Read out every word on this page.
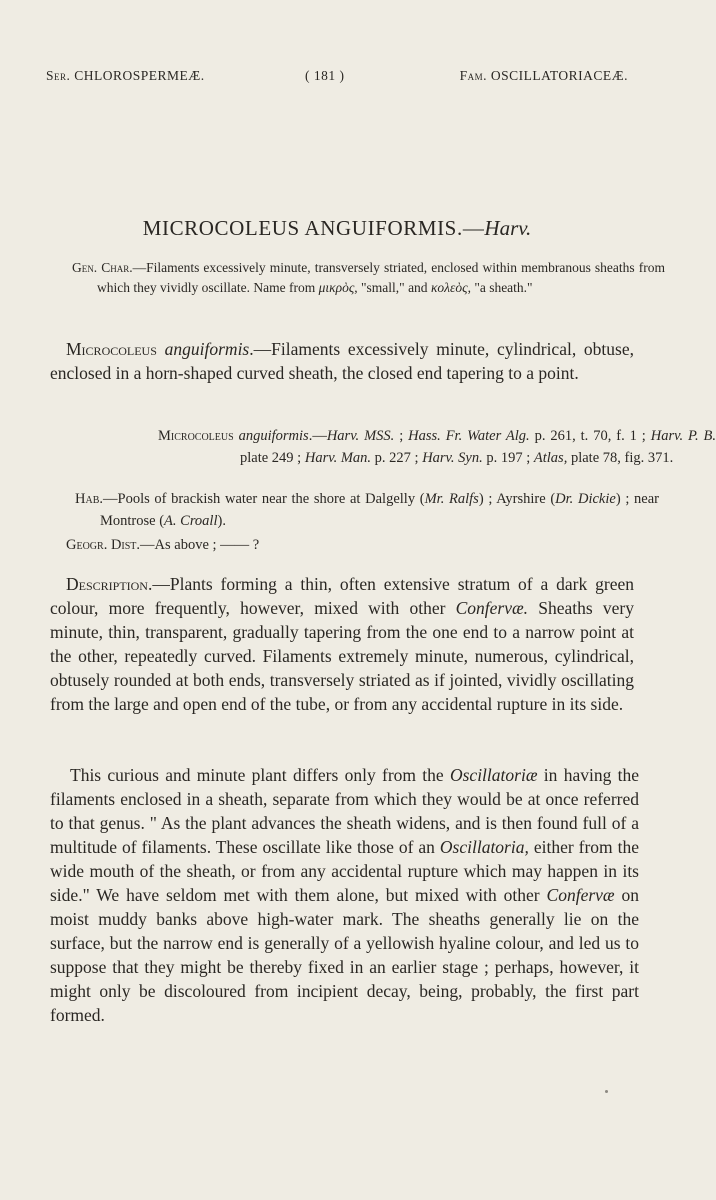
Ser. CHLOROSPERMEÆ.	( 181 )	Fam. OSCILLATORIACEÆ.
MICROCOLEUS ANGUIFORMIS.—Harv.
Gen. Char.—Filaments excessively minute, transversely striated, enclosed within membranous sheaths from which they vividly oscillate. Name from μικρὸς, "small," and κολεὸς, "a sheath."
Microcoleus anguiformis.—Filaments excessively minute, cylindrical, obtuse, enclosed in a horn-shaped curved sheath, the closed end tapering to a point.
Microcoleus anguiformis.—Harv. MSS. ; Hass. Fr. Water Alg. p. 261, t. 70, f. 1 ; Harv. P. B. plate 249 ; Harv. Man. p. 227 ; Harv. Syn. p. 197 ; Atlas, plate 78, fig. 371.
Hab.—Pools of brackish water near the shore at Dalgelly (Mr. Ralfs) ; Ayrshire (Dr. Dickie) ; near Montrose (A. Croall).
Geogr. Dist.—As above ; —— ?
Description.—Plants forming a thin, often extensive stratum of a dark green colour, more frequently, however, mixed with other Confervæ. Sheaths very minute, thin, transparent, gradually tapering from the one end to a narrow point at the other, repeatedly curved. Filaments extremely minute, numerous, cylindrical, obtusely rounded at both ends, transversely striated as if jointed, vividly oscillating from the large and open end of the tube, or from any accidental rupture in its side.
This curious and minute plant differs only from the Oscillatoriæ in having the filaments enclosed in a sheath, separate from which they would be at once referred to that genus. " As the plant advances the sheath widens, and is then found full of a multitude of filaments. These oscillate like those of an Oscillatoria, either from the wide mouth of the sheath, or from any accidental rupture which may happen in its side." We have seldom met with them alone, but mixed with other Confervæ on moist muddy banks above high-water mark. The sheaths generally lie on the surface, but the narrow end is generally of a yellowish hyaline colour, and led us to suppose that they might be thereby fixed in an earlier stage ; perhaps, however, it might only be discoloured from incipient decay, being, probably, the first part formed.
